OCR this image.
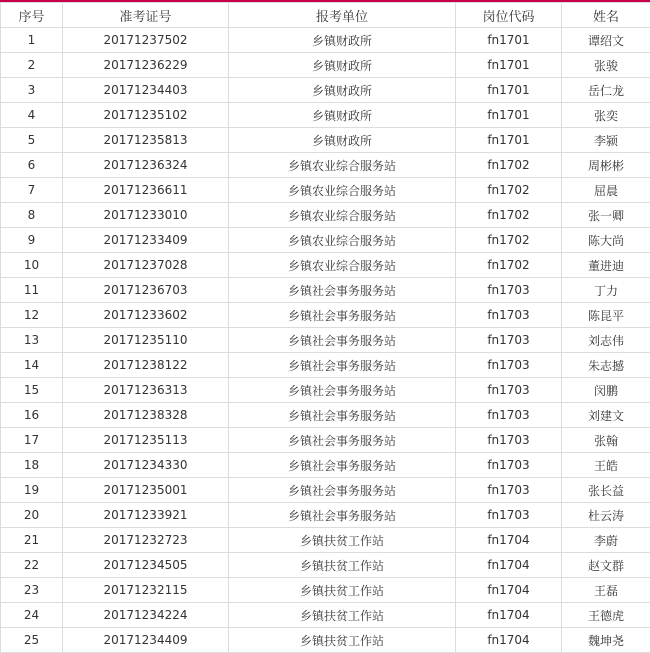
序号	准考证号	报考单位	岗位代码	姓名
1	20171237502	乡镇财政所	fn1701	谭绍文
2	20171236229	乡镇财政所	fn1701	张骏
3	20171234403	乡镇财政所	fn1701	岳仁龙
4	20171235102	乡镇财政所	fn1701	张奕
5	20171235813	乡镇财政所	fn1701	李颍
6	20171236324	乡镇农业综合服务站	fn1702	周彬彬
7	20171236611	乡镇农业综合服务站	fn1702	屈晨
8	20171233010	乡镇农业综合服务站	fn1702	张一卿
9	20171233409	乡镇农业综合服务站	fn1702	陈大尚
10	20171237028	乡镇农业综合服务站	fn1702	董进迪
11	20171236703	乡镇社会事务服务站	fn1703	丁力
12	20171233602	乡镇社会事务服务站	fn1703	陈昆平
13	20171235110	乡镇社会事务服务站	fn1703	刘志伟
14	20171238122	乡镇社会事务服务站	fn1703	朱志撼
15	20171236313	乡镇社会事务服务站	fn1703	闵鹏
16	20171238328	乡镇社会事务服务站	fn1703	刘建文
17	20171235113	乡镇社会事务服务站	fn1703	张翰
18	20171234330	乡镇社会事务服务站	fn1703	王皓
19	20171235001	乡镇社会事务服务站	fn1703	张长益
20	20171233921	乡镇社会事务服务站	fn1703	杜云涛
21	20171232723	乡镇扶贫工作站	fn1704	李蔚
22	20171234505	乡镇扶贫工作站	fn1704	赵文群
23	20171232115	乡镇扶贫工作站	fn1704	王磊
24	20171234224	乡镇扶贫工作站	fn1704	王德虎
25	20171234409	乡镇扶贫工作站	fn1704	魏坤尧
